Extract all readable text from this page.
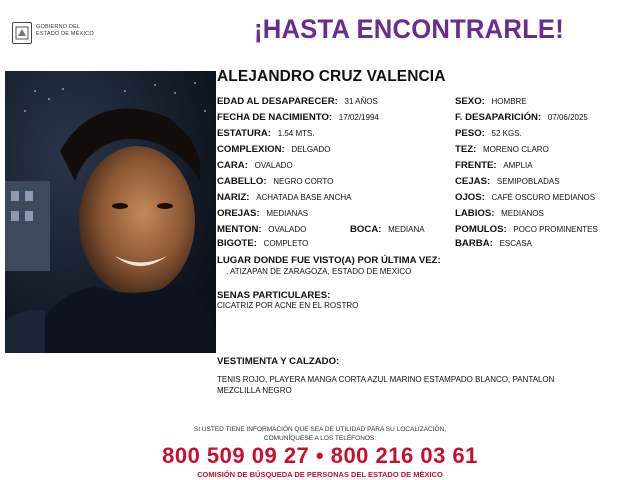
GOBIERNO DEL
ESTADO DE MÉXICO	¡HASTA ENCONTRARLE!
ALEJANDRO CRUZ VALENCIA
EDAD AL DESAPARECER: 31 AÑOS
FECHA DE NACIMIENTO: 17/02/1994
ESTATURA: 1.54 MTS.
COMPLEXION: DELGADO
CARA: OVALADO
CABELLO: NEGRO CORTO
NARIZ: ACHATADA BASE ANCHA
OREJAS: MEDIANAS
MENTON: OVALADO	BOCA: MEDIANA
BIGOTE: COMPLETO
SEXO: HOMBRE
F. DESAPARICIÓN: 07/06/2025
PESO: 52 KGS.
TEZ: MORENO CLARO
FRENTE: AMPLIA
CEJAS: SEMIPOBLADAS
OJOS: CAFÉ OSCURO MEDIANOS
LABIOS: MEDIANOS
POMULOS: POCO PROMINENTES
BARBA: ESCASA
LUGAR DONDE FUE VISTO(A) POR ÚLTIMA VEZ:
, ATIZAPAN DE ZARAGOZA, ESTADO DE MEXICO
SENAS PARTICULARES:
CICATRIZ POR ACNE EN EL ROSTRO
VESTIMENTA Y CALZADO:
TENIS ROJO, PLAYERA MANGA CORTA AZUL MARINO ESTAMPADO BLANCO, PANTALON
MEZCLILLA NEGRO
SI USTED TIENE INFORMACIÓN QUE SEA DE UTILIDAD PARA SU LOCALIZACIÓN,
COMUNÍQUESE A LOS TELÉFONOS:
800 509 09 27 • 800 216 03 61
COMISIÓN DE BÚSQUEDA DE PERSONAS DEL ESTADO DE MÉXICO
